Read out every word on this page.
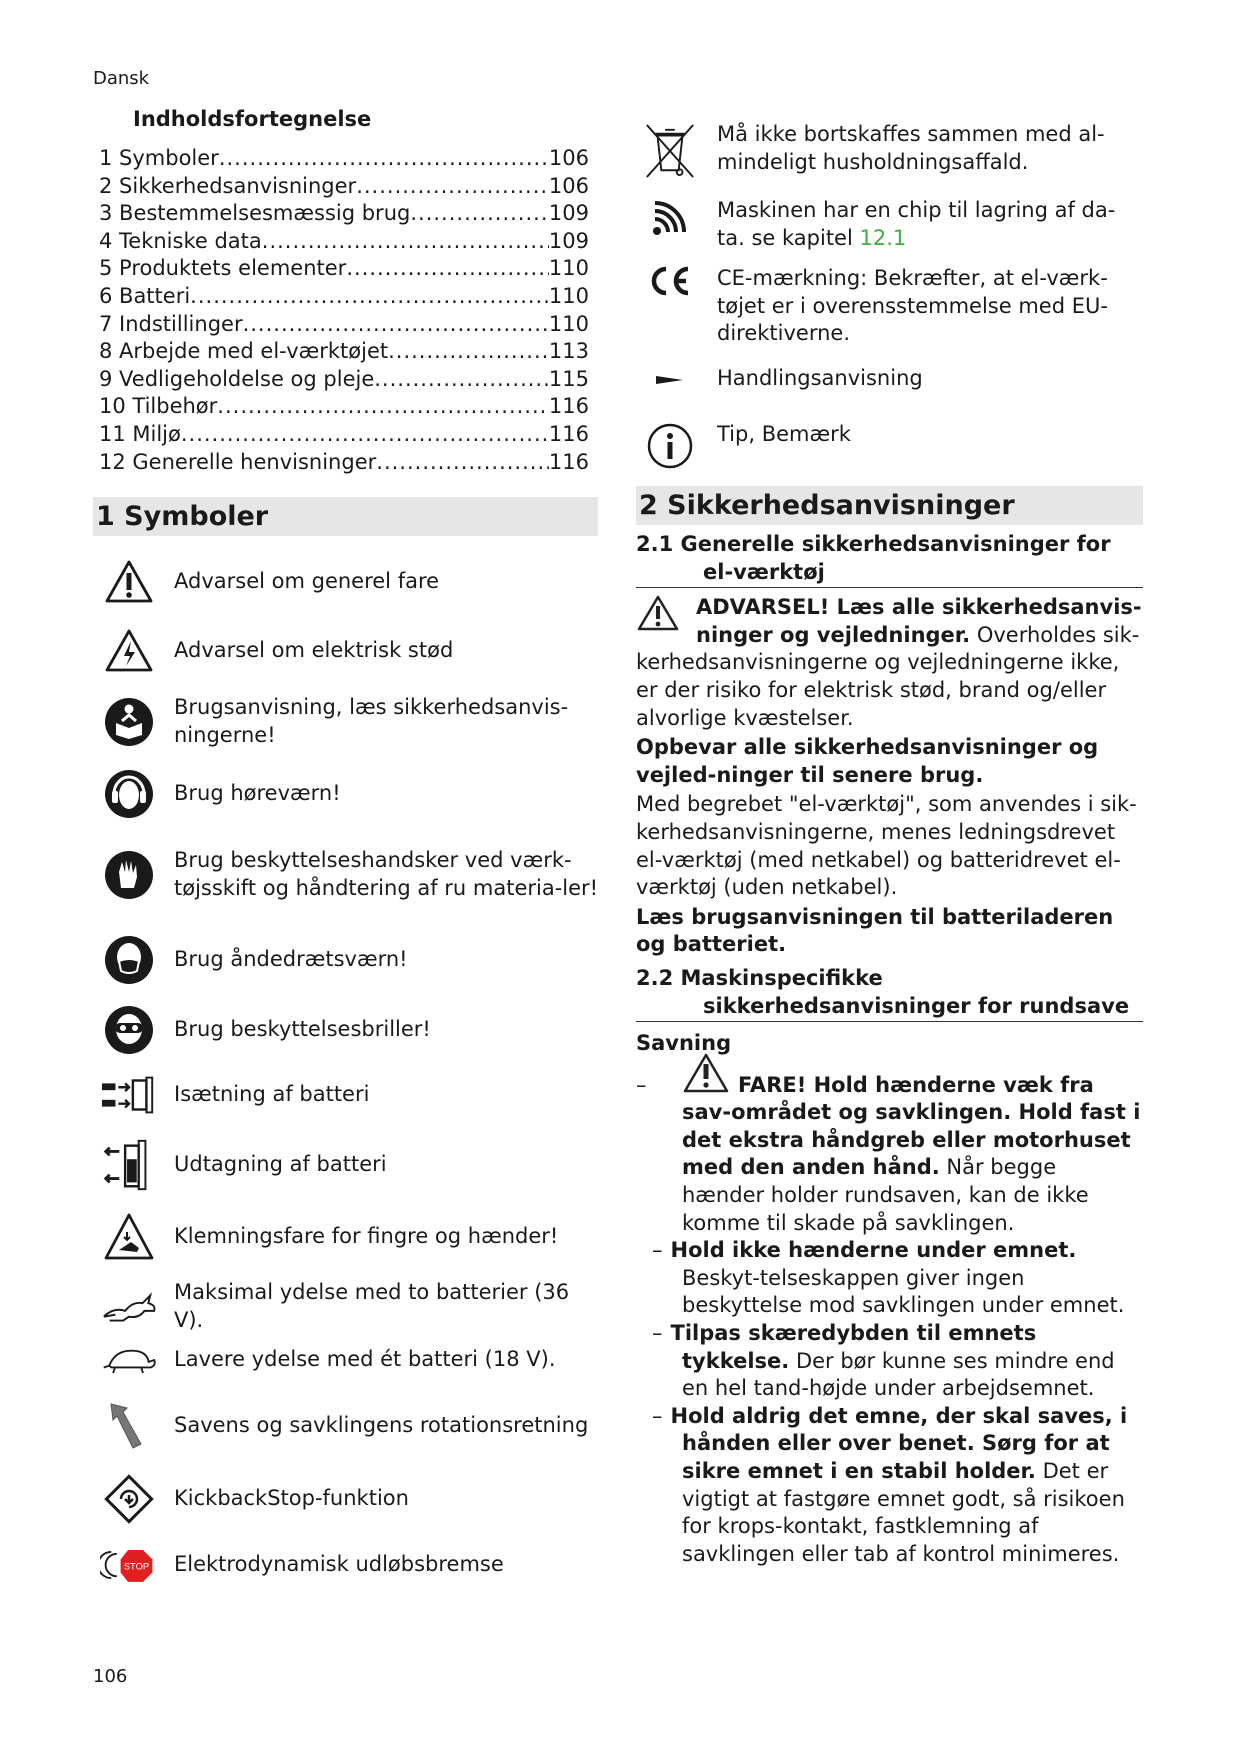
Dansk
Indholdsfortegnelse
1 Symboler .....	106
2 Sikkerhedsanvisninger .....	106
3 Bestemmelsesmæssig brug .....	109
4 Tekniske data .....	109
5 Produktets elementer .....	110
6 Batteri .....	110
7 Indstillinger .....	110
8 Arbejde med el-værktøjet .....	113
9 Vedligeholdelse og pleje .....	115
10 Tilbehør .....	116
11 Miljø .....	116
12 Generelle henvisninger .....	116
1 Symboler
Advarsel om generel fare
Advarsel om elektrisk stød
Brugsanvisning, læs sikkerhedsanvis-ningerne!
Brug høreværn!
Brug beskyttelseshandsker ved værk-tøjsskift og håndtering af ru materia-ler!
Brug åndedrætsværn!
Brug beskyttelsesbriller!
Isætning af batteri
Udtagning af batteri
Klemningsfare for fingre og hænder!
Maksimal ydelse med to batterier (36 V).
Lavere ydelse med ét batteri (18 V).
Savens og savklingens rotationsretning
KickbackStop-funktion
STOP Elektrodynamisk udløbsbremse
Må ikke bortskaffes sammen med al-mindeligt husholdningsaffald.
Maskinen har en chip til lagring af da-ta. se kapitel 12.1
CE-mærkning: Bekræfter, at el-værk-tøjet er i overensstemmelse med EU-direktiverne.
Handlingsanvisning
Tip, Bemærk
2 Sikkerhedsanvisninger
2.1 Generelle sikkerhedsanvisninger for
el-værktøj

ADVARSEL! Læs alle sikkerhedsanvis-ninger og vejledninger. Overholdes sik-kerhedsanvisningerne og vejledningerne ikke, er der risiko for elektrisk stød, brand og/eller alvorlige kvæstelser.

Opbevar alle sikkerhedsanvisninger og vejled-ninger til senere brug.

Med begrebet "el-værktøj", som anvendes i sik-kerhedsanvisningerne, menes ledningsdrevet el-værktøj (med netkabel) og batteridrevet el-værktøj (uden netkabel).

Læs brugsanvisningen til batteriladeren og batteriet.

2.2 Maskinspecifikke
sikkerhedsanvisninger for rundsave
Savning
–	FARE! Hold hænderne væk fra sav-området og savklingen. Hold fast i det ekstra håndgreb eller motorhuset med den anden hånd. Når begge hænder holder rundsaven, kan de ikke komme til skade på savklingen.
– Hold ikke hænderne under emnet. Beskyt-telseskappen giver ingen beskyttelse mod savklingen under emnet.
– Tilpas skæredybden til emnets tykkelse. Der bør kunne ses mindre end en hel tand-højde under arbejdsemnet.
– Hold aldrig det emne, der skal saves, i hånden eller over benet. Sørg for at sikre emnet i en stabil holder. Det er vigtigt at fastgøre emnet godt, så risikoen for krops-kontakt, fastklemning af savklingen eller tab af kontrol minimeres.
106
